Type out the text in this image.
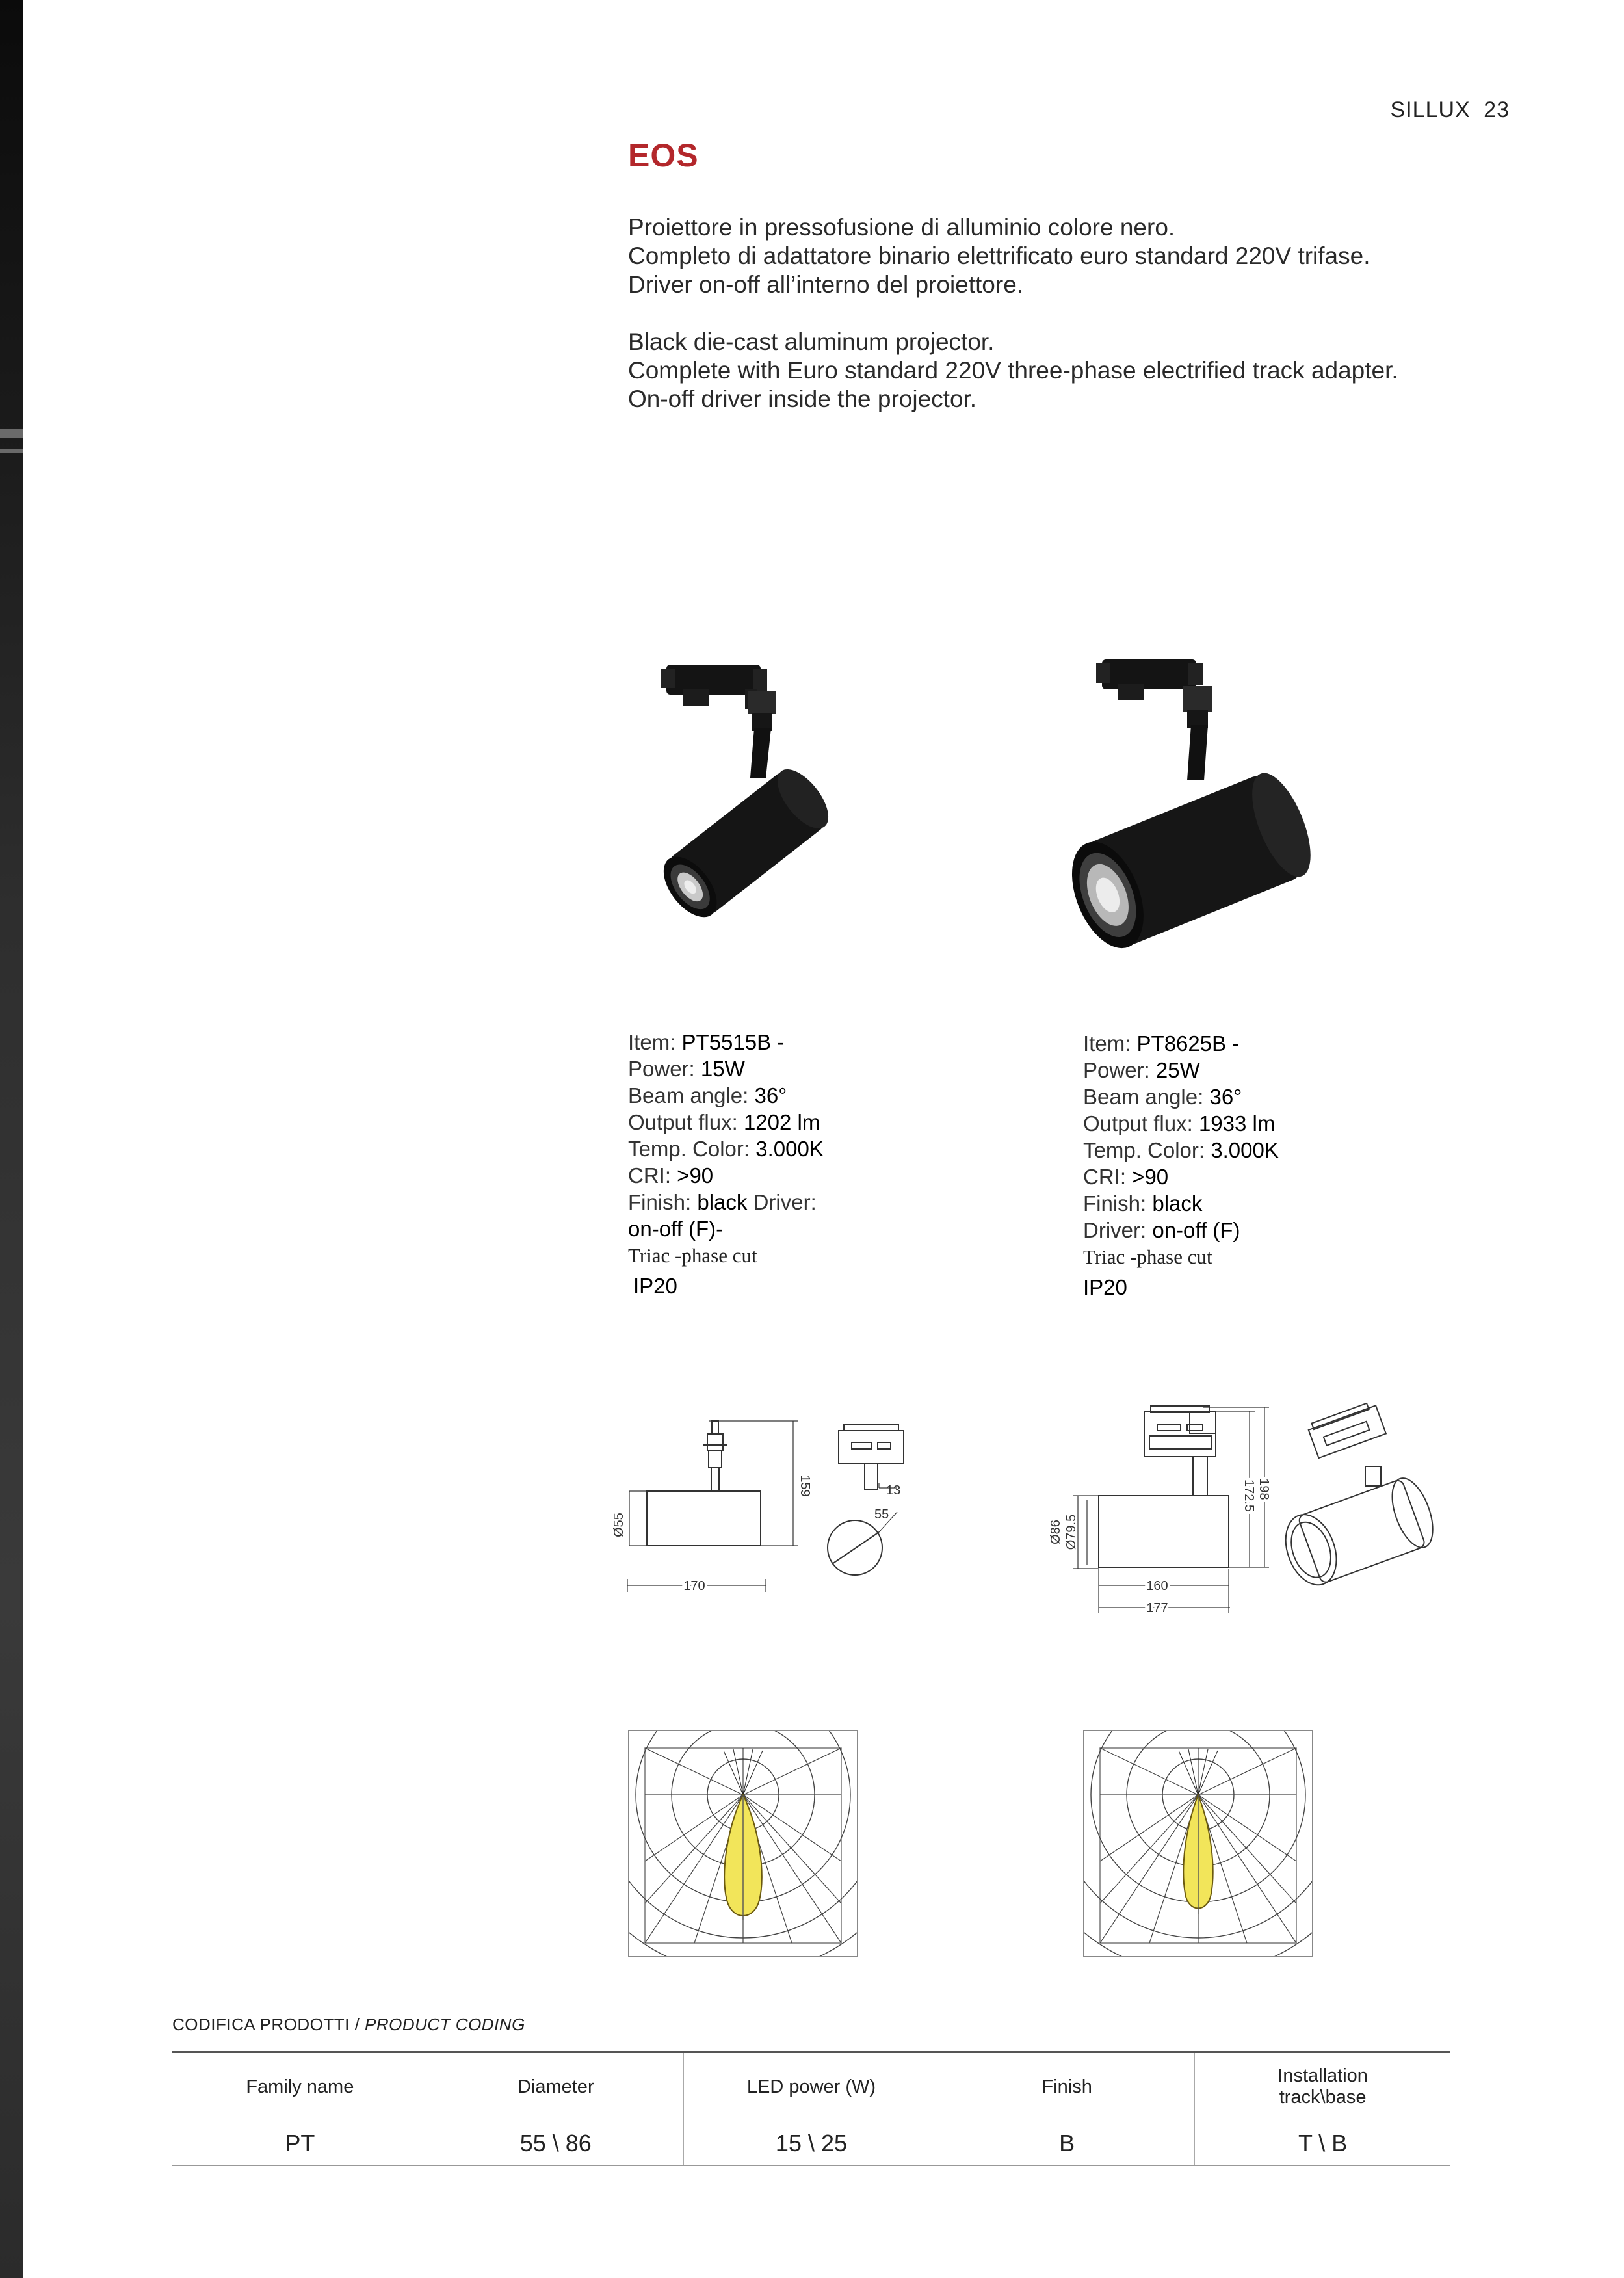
SILLUX 23
EOS

Proiettore in pressofusione di alluminio colore nero.

Completo di adattatore binario elettrificato euro standard 220V trifase.

Driver on-off all’interno del proiettore.

Black die-cast aluminum projector.

Complete with Euro standard 220V three-phase electrified track adapter.

On-off driver inside the projector.

Item: PT5515B -
Power: 15W
Beam angle: 36°
Output flux: 1202 lm
Temp. Color: 3.000K
CRI: >90
Finish: black Driver:
on-off (F)-
Triac -phase cut
IP20
Item: PT8625B -
Power: 25W
Beam angle: 36°
Output flux: 1933 lm
Temp. Color: 3.000K
CRI: >90
Finish: black
Driver: on-off (F)
Triac -phase cut
IP20
Ø55
159
170
13
55
Ø86 Ø79.5
172.5 198
160
177
CODIFICA PRODOTTI / PRODUCT CODING
Family name	Diameter	LED power (W)	Finish	Installation track\base
PT	55 \ 86	15 \ 25	B	T \ B
